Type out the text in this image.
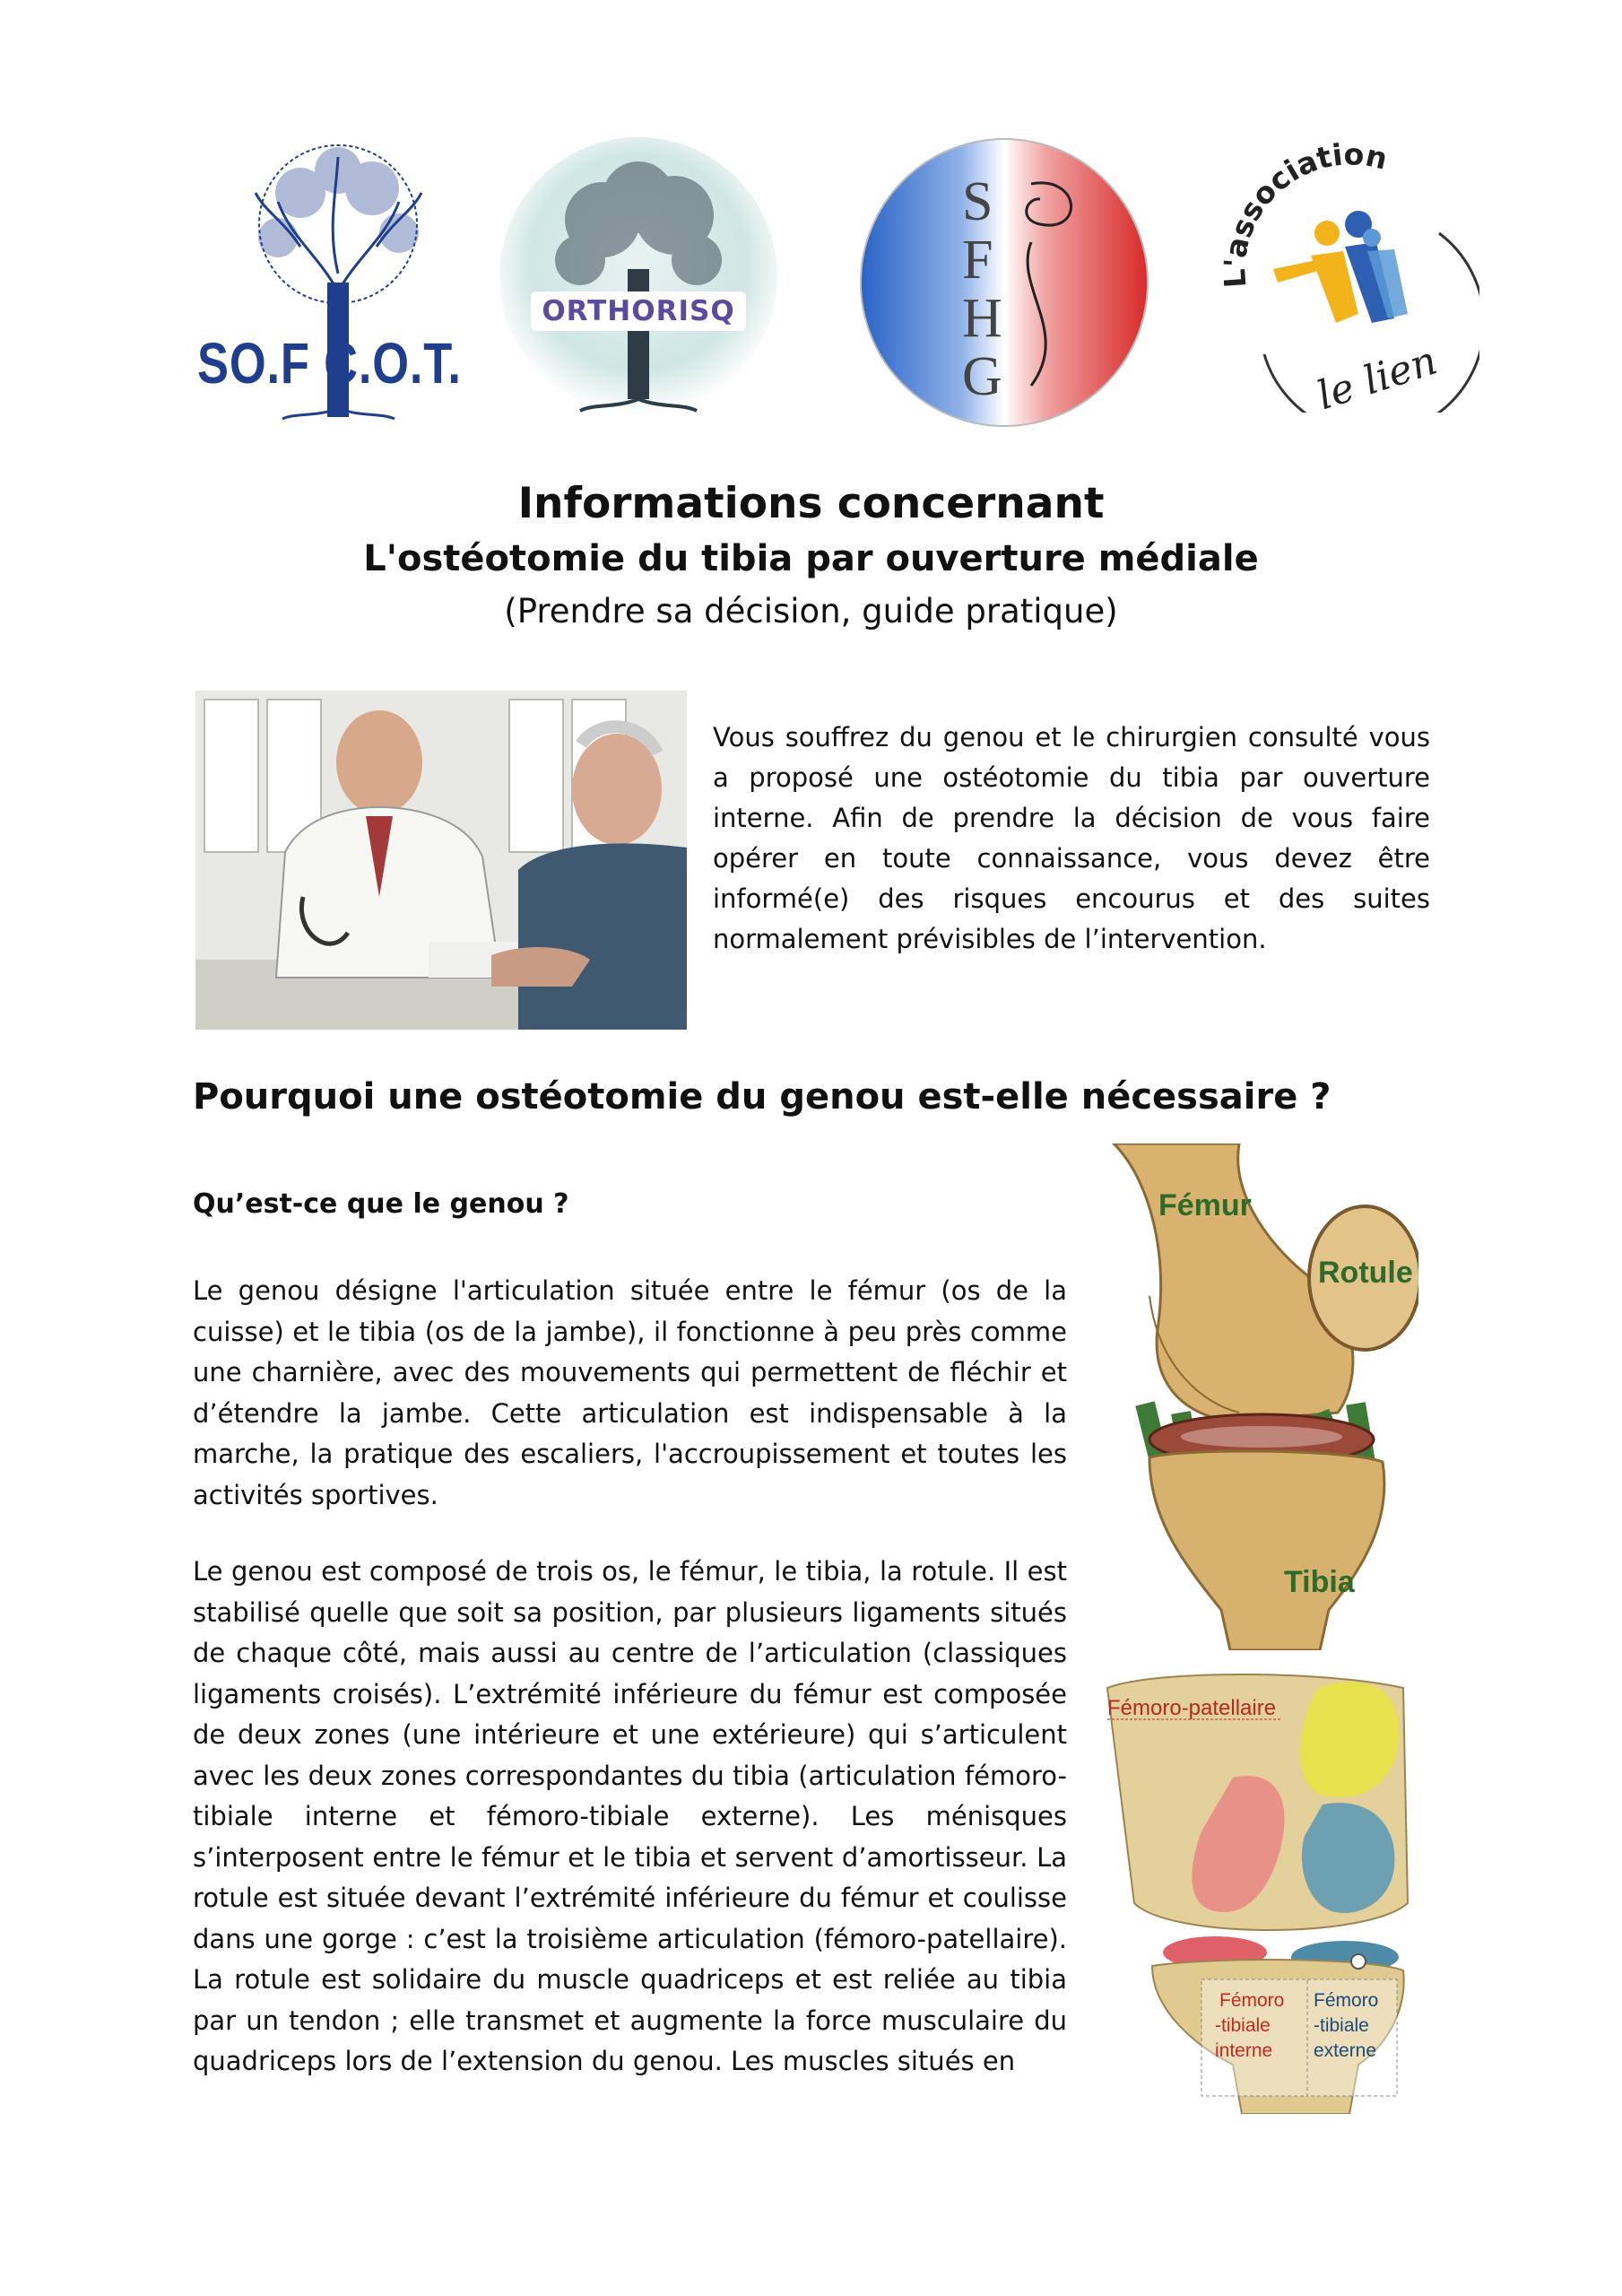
SO.F C.O.T.
ORTHORISQ
S
F
H
G
L'association
le lien
Informations concernant
L'ostéotomie du tibia par ouverture médiale
(Prendre sa décision, guide pratique)
Vous souffrez du genou et le chirurgien consulté vous a proposé une ostéotomie du tibia par ouverture interne. Afin de prendre la décision de vous faire opérer en toute connaissance, vous devez être informé(e) des risques encourus et des suites normalement prévisibles de l’intervention.
Pourquoi une ostéotomie du genou est-elle nécessaire ?
Qu’est-ce que le genou ?
Le genou désigne l'articulation située entre le fémur (os de la cuisse) et le tibia (os de la jambe), il fonctionne à peu près comme une charnière, avec des mouvements qui permettent de fléchir et d’étendre la jambe. Cette articulation est indispensable à la marche, la pratique des escaliers, l'accroupissement et toutes les activités sportives.
Le genou est composé de trois os, le fémur, le tibia, la rotule. Il est stabilisé quelle que soit sa position, par plusieurs ligaments situés de chaque côté, mais aussi au centre de l’articulation (classiques ligaments croisés). L’extrémité inférieure du fémur est composée de deux zones (une intérieure et une extérieure) qui s’articulent avec les deux zones correspondantes du tibia (articulation fémoro-tibiale interne et fémoro-tibiale externe). Les ménisques s’interposent entre le fémur et le tibia et servent d’amortisseur. La rotule est située devant l’extrémité inférieure du fémur et coulisse dans une gorge : c’est la troisième articulation (fémoro-patellaire). La rotule est solidaire du muscle quadriceps et est reliée au tibia par un tendon ; elle transmet et augmente la force musculaire du quadriceps lors de l’extension du genou. Les muscles situés en
Fémur
Rotule
Tibia
Fémoro-patellaire
Fémoro
-tibiale
interne
Fémoro
-tibiale
externe
